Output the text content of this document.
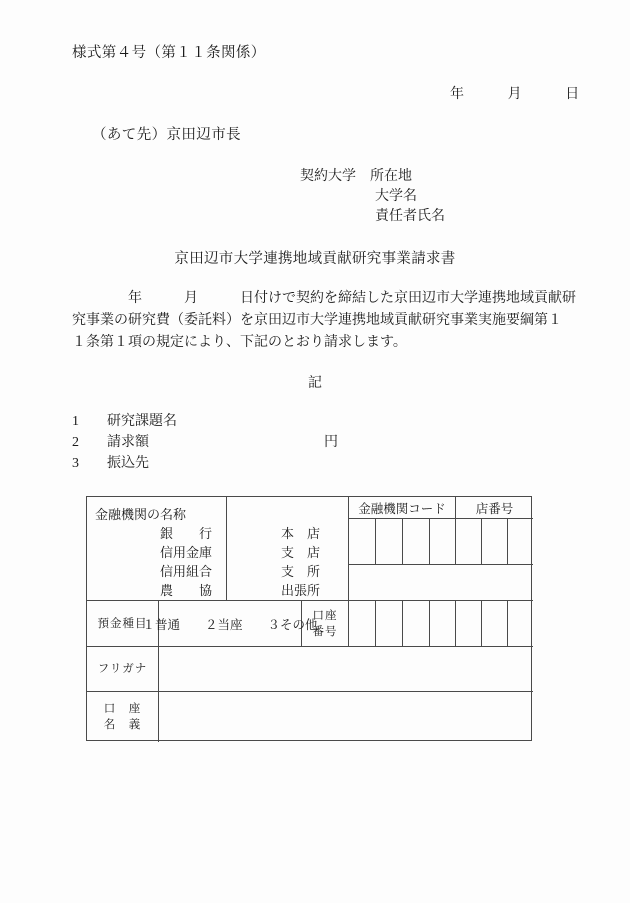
様式第４号（第１１条関係）
年　　　月　　　日
（あて先）京田辺市長
契約大学　 所在地
大学名
責任者氏名
京田辺市大学連携地域貢献研究事業請求書
　　　　年　　　月　　　日付けで契約を締結した京田辺市大学連携地域貢献研
究事業の研究費（委託料）を京田辺市大学連携地域貢献研究事業実施要綱第１
１条第１項の規定により、下記のとおり請求します。
記
1　　 研究課題名
2　　 請求額	円
3　　 振込先
金融機関の名称
銀　　行
信用金庫
信用組合
農　　協
本　店
支　店
支　所
出張所
金融機関コード 店番号
預金種目
１普通　　２当座　　３その他
口座
番号
フリガナ
口　座
名　義
